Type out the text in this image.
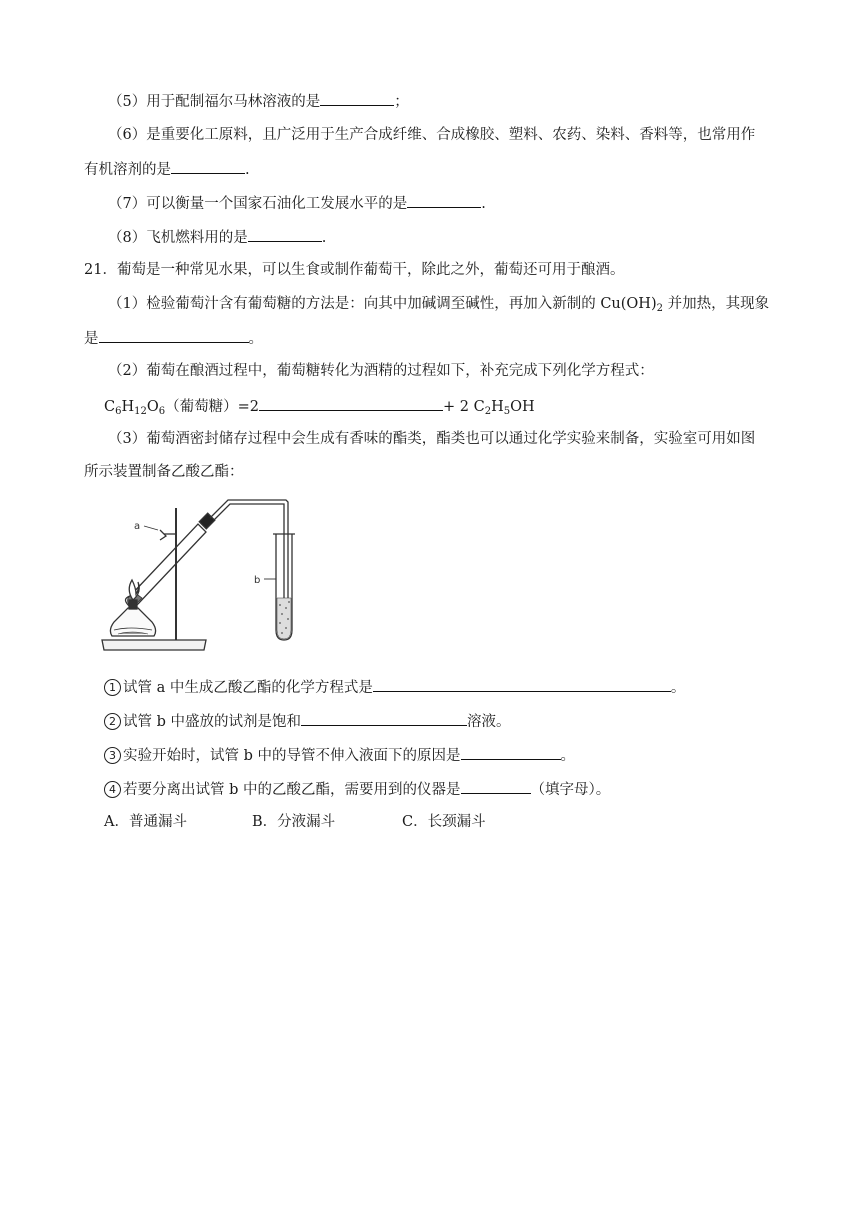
（5）用于配制福尔马林溶液的是	；
（6）是重要化工原料，且广泛用于生产合成纤维、合成橡胶、塑料、农药、染料、香料等，也常用作
有机溶剂的是	.
（7）可以衡量一个国家石油化工发展水平的是	.
（8）飞机燃料用的是	.
21．葡萄是一种常见水果，可以生食或制作葡萄干，除此之外，葡萄还可用于酿酒。
（1）检验葡萄汁含有葡萄糖的方法是：向其中加碱调至碱性，再加入新制的 $Cu(OH)_2$ 并加热，其现象
是	。
（2）葡萄在酿酒过程中，葡萄糖转化为酒精的过程如下，补充完成下列化学方程式：
$C_6H_{12}O_6$（葡萄糖）=2	+ 2 $C_2H_5OH$
（3）葡萄酒密封储存过程中会生成有香味的酯类，酯类也可以通过化学实验来制备，实验室可用如图
所示装置制备乙酸乙酯：
a
b
1 试管 a 中生成乙酸乙酯的化学方程式是	。
2 试管 b 中盛放的试剂是饱和	溶液。
3 实验开始时，试管 b 中的导管不伸入液面下的原因是	。
4 若要分离出试管 b 中的乙酸乙酯，需要用到的仪器是	（填字母）。
A．普通漏斗	B．分液漏斗	C．长颈漏斗
